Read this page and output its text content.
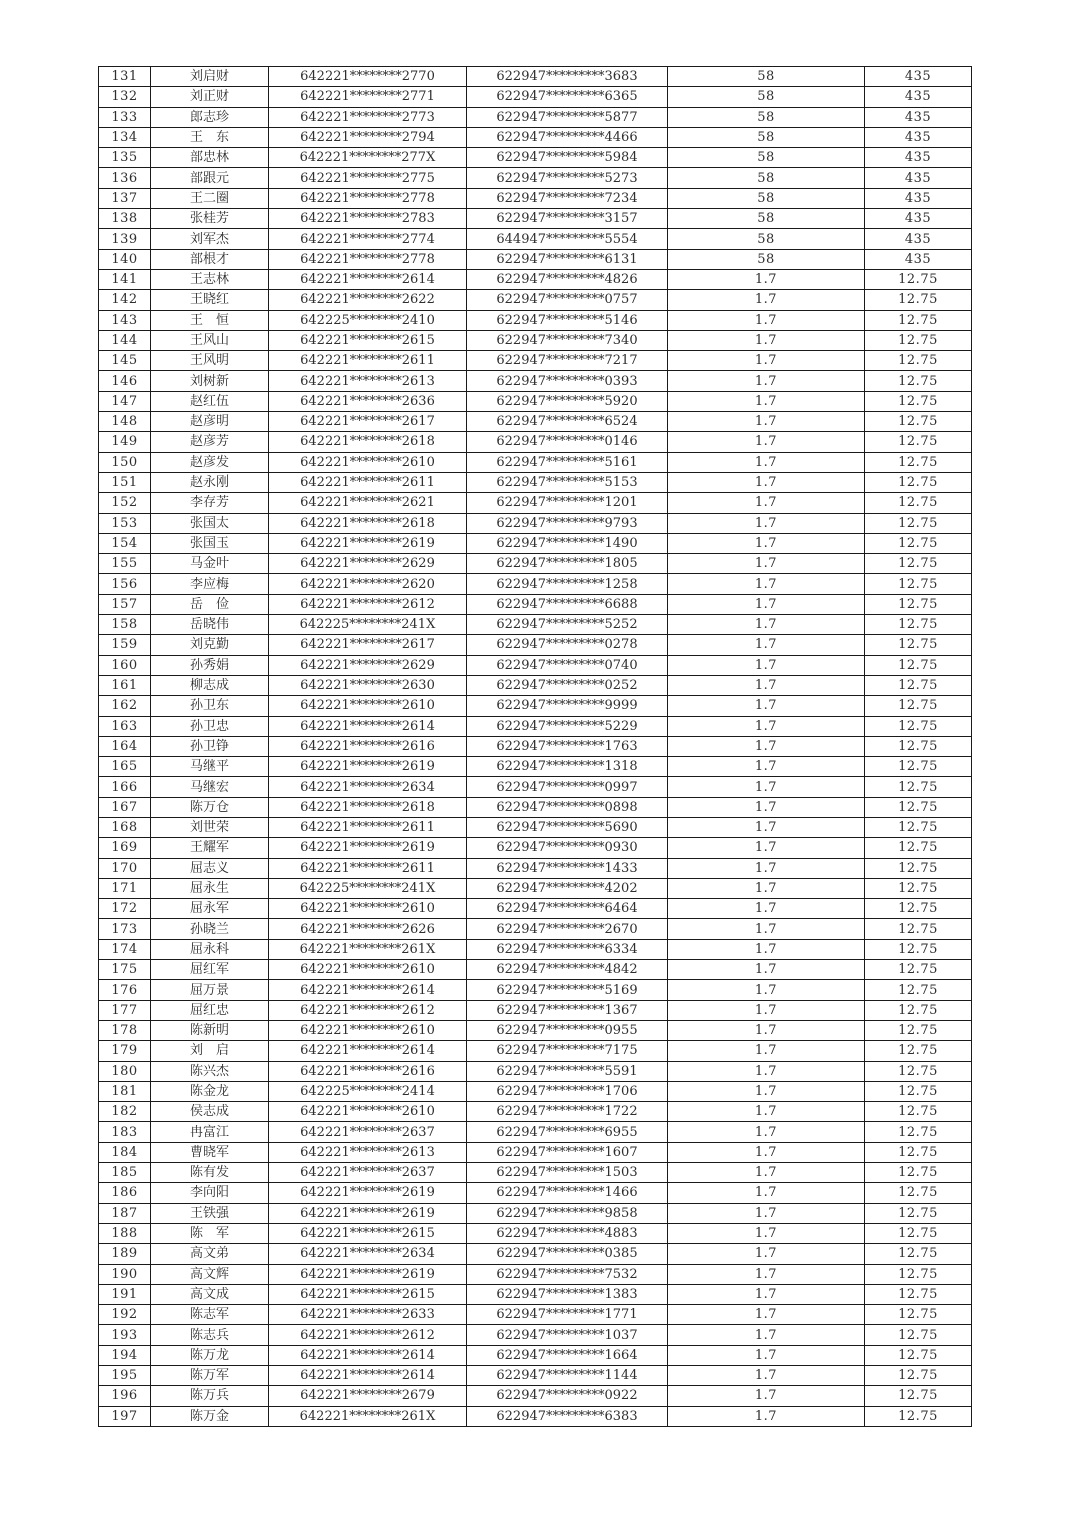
131	刘启财	642221********2770	622947*********3683	58	435
132	刘正财	642221********2771	622947*********6365	58	435
133	郎志珍	642221********2773	622947*********5877	58	435
134	王　东	642221********2794	622947*********4466	58	435
135	部忠林	642221********277X	622947*********5984	58	435
136	部跟元	642221********2775	622947*********5273	58	435
137	王二圈	642221********2778	622947*********7234	58	435
138	张桂芳	642221********2783	622947*********3157	58	435
139	刘军杰	642221********2774	644947*********5554	58	435
140	部根才	642221********2778	622947*********6131	58	435
141	王志林	642221********2614	622947*********4826	1.7	12.75
142	王晓红	642221********2622	622947*********0757	1.7	12.75
143	王　恒	642225********2410	622947*********5146	1.7	12.75
144	王风山	642221********2615	622947*********7340	1.7	12.75
145	王风明	642221********2611	622947*********7217	1.7	12.75
146	刘树新	642221********2613	622947*********0393	1.7	12.75
147	赵红伍	642221********2636	622947*********5920	1.7	12.75
148	赵彦明	642221********2617	622947*********6524	1.7	12.75
149	赵彦芳	642221********2618	622947*********0146	1.7	12.75
150	赵彦发	642221********2610	622947*********5161	1.7	12.75
151	赵永刚	642221********2611	622947*********5153	1.7	12.75
152	李存芳	642221********2621	622947*********1201	1.7	12.75
153	张国太	642221********2618	622947*********9793	1.7	12.75
154	张国玉	642221********2619	622947*********1490	1.7	12.75
155	马金叶	642221********2629	622947*********1805	1.7	12.75
156	李应梅	642221********2620	622947*********1258	1.7	12.75
157	岳　俭	642221********2612	622947*********6688	1.7	12.75
158	岳晓伟	642225********241X	622947*********5252	1.7	12.75
159	刘克勤	642221********2617	622947*********0278	1.7	12.75
160	孙秀娟	642221********2629	622947*********0740	1.7	12.75
161	柳志成	642221********2630	622947*********0252	1.7	12.75
162	孙卫东	642221********2610	622947*********9999	1.7	12.75
163	孙卫忠	642221********2614	622947*********5229	1.7	12.75
164	孙卫铮	642221********2616	622947*********1763	1.7	12.75
165	马继平	642221********2619	622947*********1318	1.7	12.75
166	马继宏	642221********2634	622947*********0997	1.7	12.75
167	陈万仓	642221********2618	622947*********0898	1.7	12.75
168	刘世荣	642221********2611	622947*********5690	1.7	12.75
169	王耀军	642221********2619	622947*********0930	1.7	12.75
170	屈志义	642221********2611	622947*********1433	1.7	12.75
171	屈永生	642225********241X	622947*********4202	1.7	12.75
172	屈永军	642221********2610	622947*********6464	1.7	12.75
173	孙晓兰	642221********2626	622947*********2670	1.7	12.75
174	屈永科	642221********261X	622947*********6334	1.7	12.75
175	屈红军	642221********2610	622947*********4842	1.7	12.75
176	屈万景	642221********2614	622947*********5169	1.7	12.75
177	屈红忠	642221********2612	622947*********1367	1.7	12.75
178	陈新明	642221********2610	622947*********0955	1.7	12.75
179	刘　启	642221********2614	622947*********7175	1.7	12.75
180	陈兴杰	642221********2616	622947*********5591	1.7	12.75
181	陈金龙	642225********2414	622947*********1706	1.7	12.75
182	侯志成	642221********2610	622947*********1722	1.7	12.75
183	冉富江	642221********2637	622947*********6955	1.7	12.75
184	曹晓军	642221********2613	622947*********1607	1.7	12.75
185	陈有发	642221********2637	622947*********1503	1.7	12.75
186	李向阳	642221********2619	622947*********1466	1.7	12.75
187	王铁强	642221********2619	622947*********9858	1.7	12.75
188	陈　军	642221********2615	622947*********4883	1.7	12.75
189	高文弟	642221********2634	622947*********0385	1.7	12.75
190	高文辉	642221********2619	622947*********7532	1.7	12.75
191	高文成	642221********2615	622947*********1383	1.7	12.75
192	陈志军	642221********2633	622947*********1771	1.7	12.75
193	陈志兵	642221********2612	622947*********1037	1.7	12.75
194	陈万龙	642221********2614	622947*********1664	1.7	12.75
195	陈万军	642221********2614	622947*********1144	1.7	12.75
196	陈万兵	642221********2679	622947*********0922	1.7	12.75
197	陈万金	642221********261X	622947*********6383	1.7	12.75
